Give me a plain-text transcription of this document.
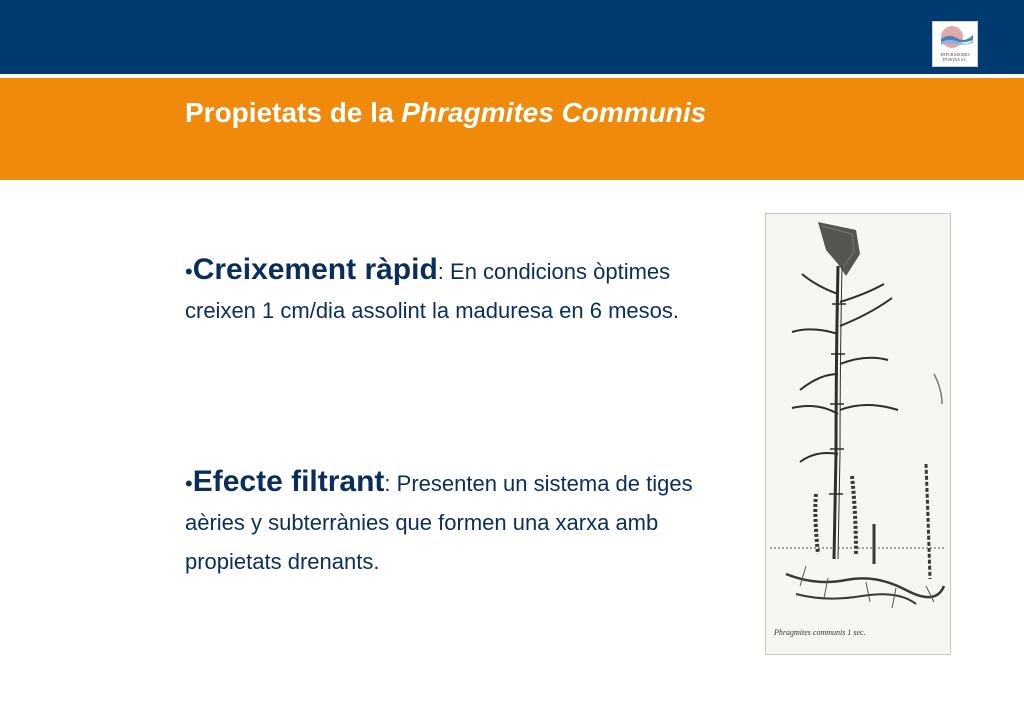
Propietats de la Phragmites Communis
DEPURADORES
D'OSONA S.L.
•Creixement ràpid: En condicions òptimes creixen 1 cm/dia assolint la maduresa en 6 mesos.
•Efecte filtrant: Presenten un sistema de tiges aèries y subterrànies que formen una xarxa amb propietats drenants.
Phragmites communis 1 sec.
